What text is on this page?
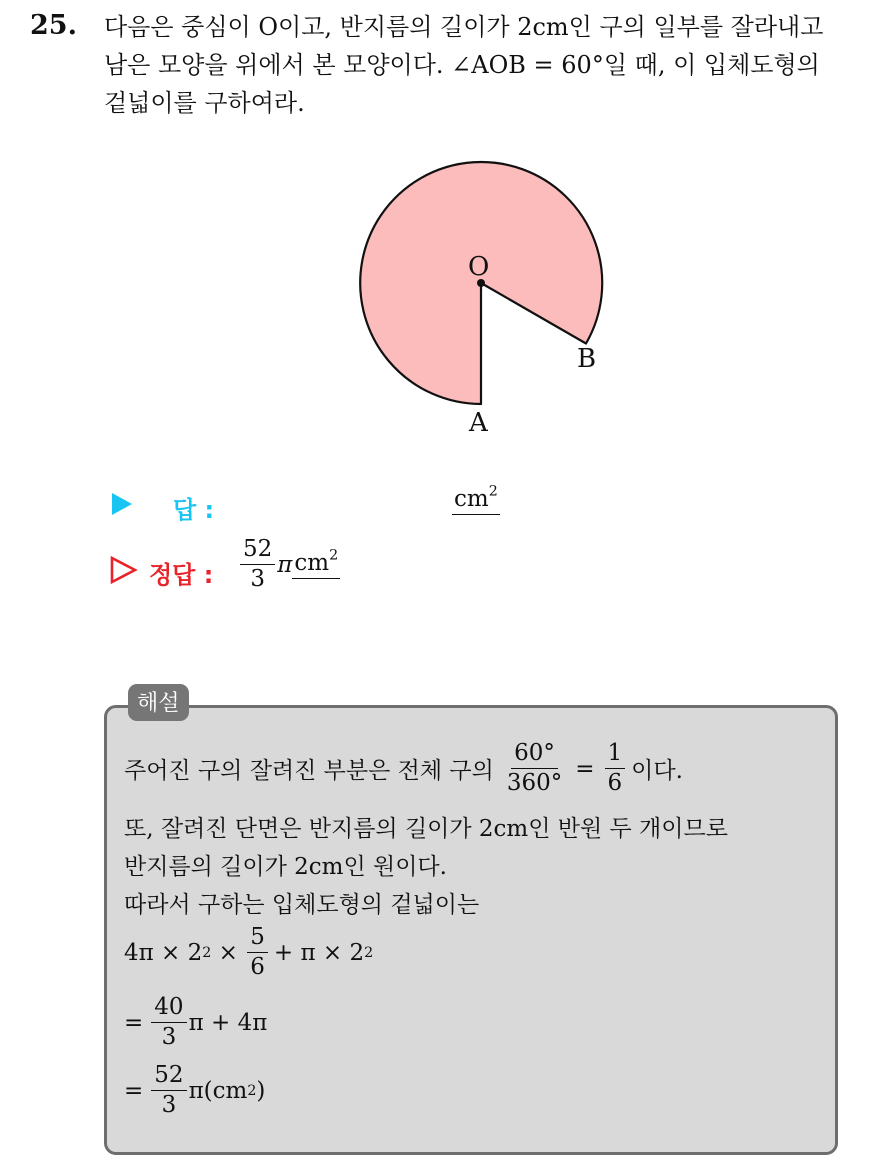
25. 다음은 중심이 O이고, 반지름의 길이가 2cm인 구의 일부를 잘라내고
남은 모양을 위에서 본 모양이다. ∠AOB = 60°일 때, 이 입체도형의
겉넓이를 구하여라.
O
B
A
답 :	$cm^2$
정답 : $\frac{52}{3}$ π $cm^2$
해설
주어진 구의 잘려진 부분은 전체 구의 $\frac{60^\circ}{360^\circ} = \frac{1}{6}$ 이다.
또, 잘려진 단면은 반지름의 길이가 2cm인 반원 두 개이므로
반지름의 길이가 2cm인 원이다.
따라서 구하는 입체도형의 겉넓이는
4π × 2 $2 \times \frac{5}{6} + \pi \times 2$ 2
= $\frac{40}{3}$ π + 4π
= $\frac{52}{3} \pi(cm$ 2 )
